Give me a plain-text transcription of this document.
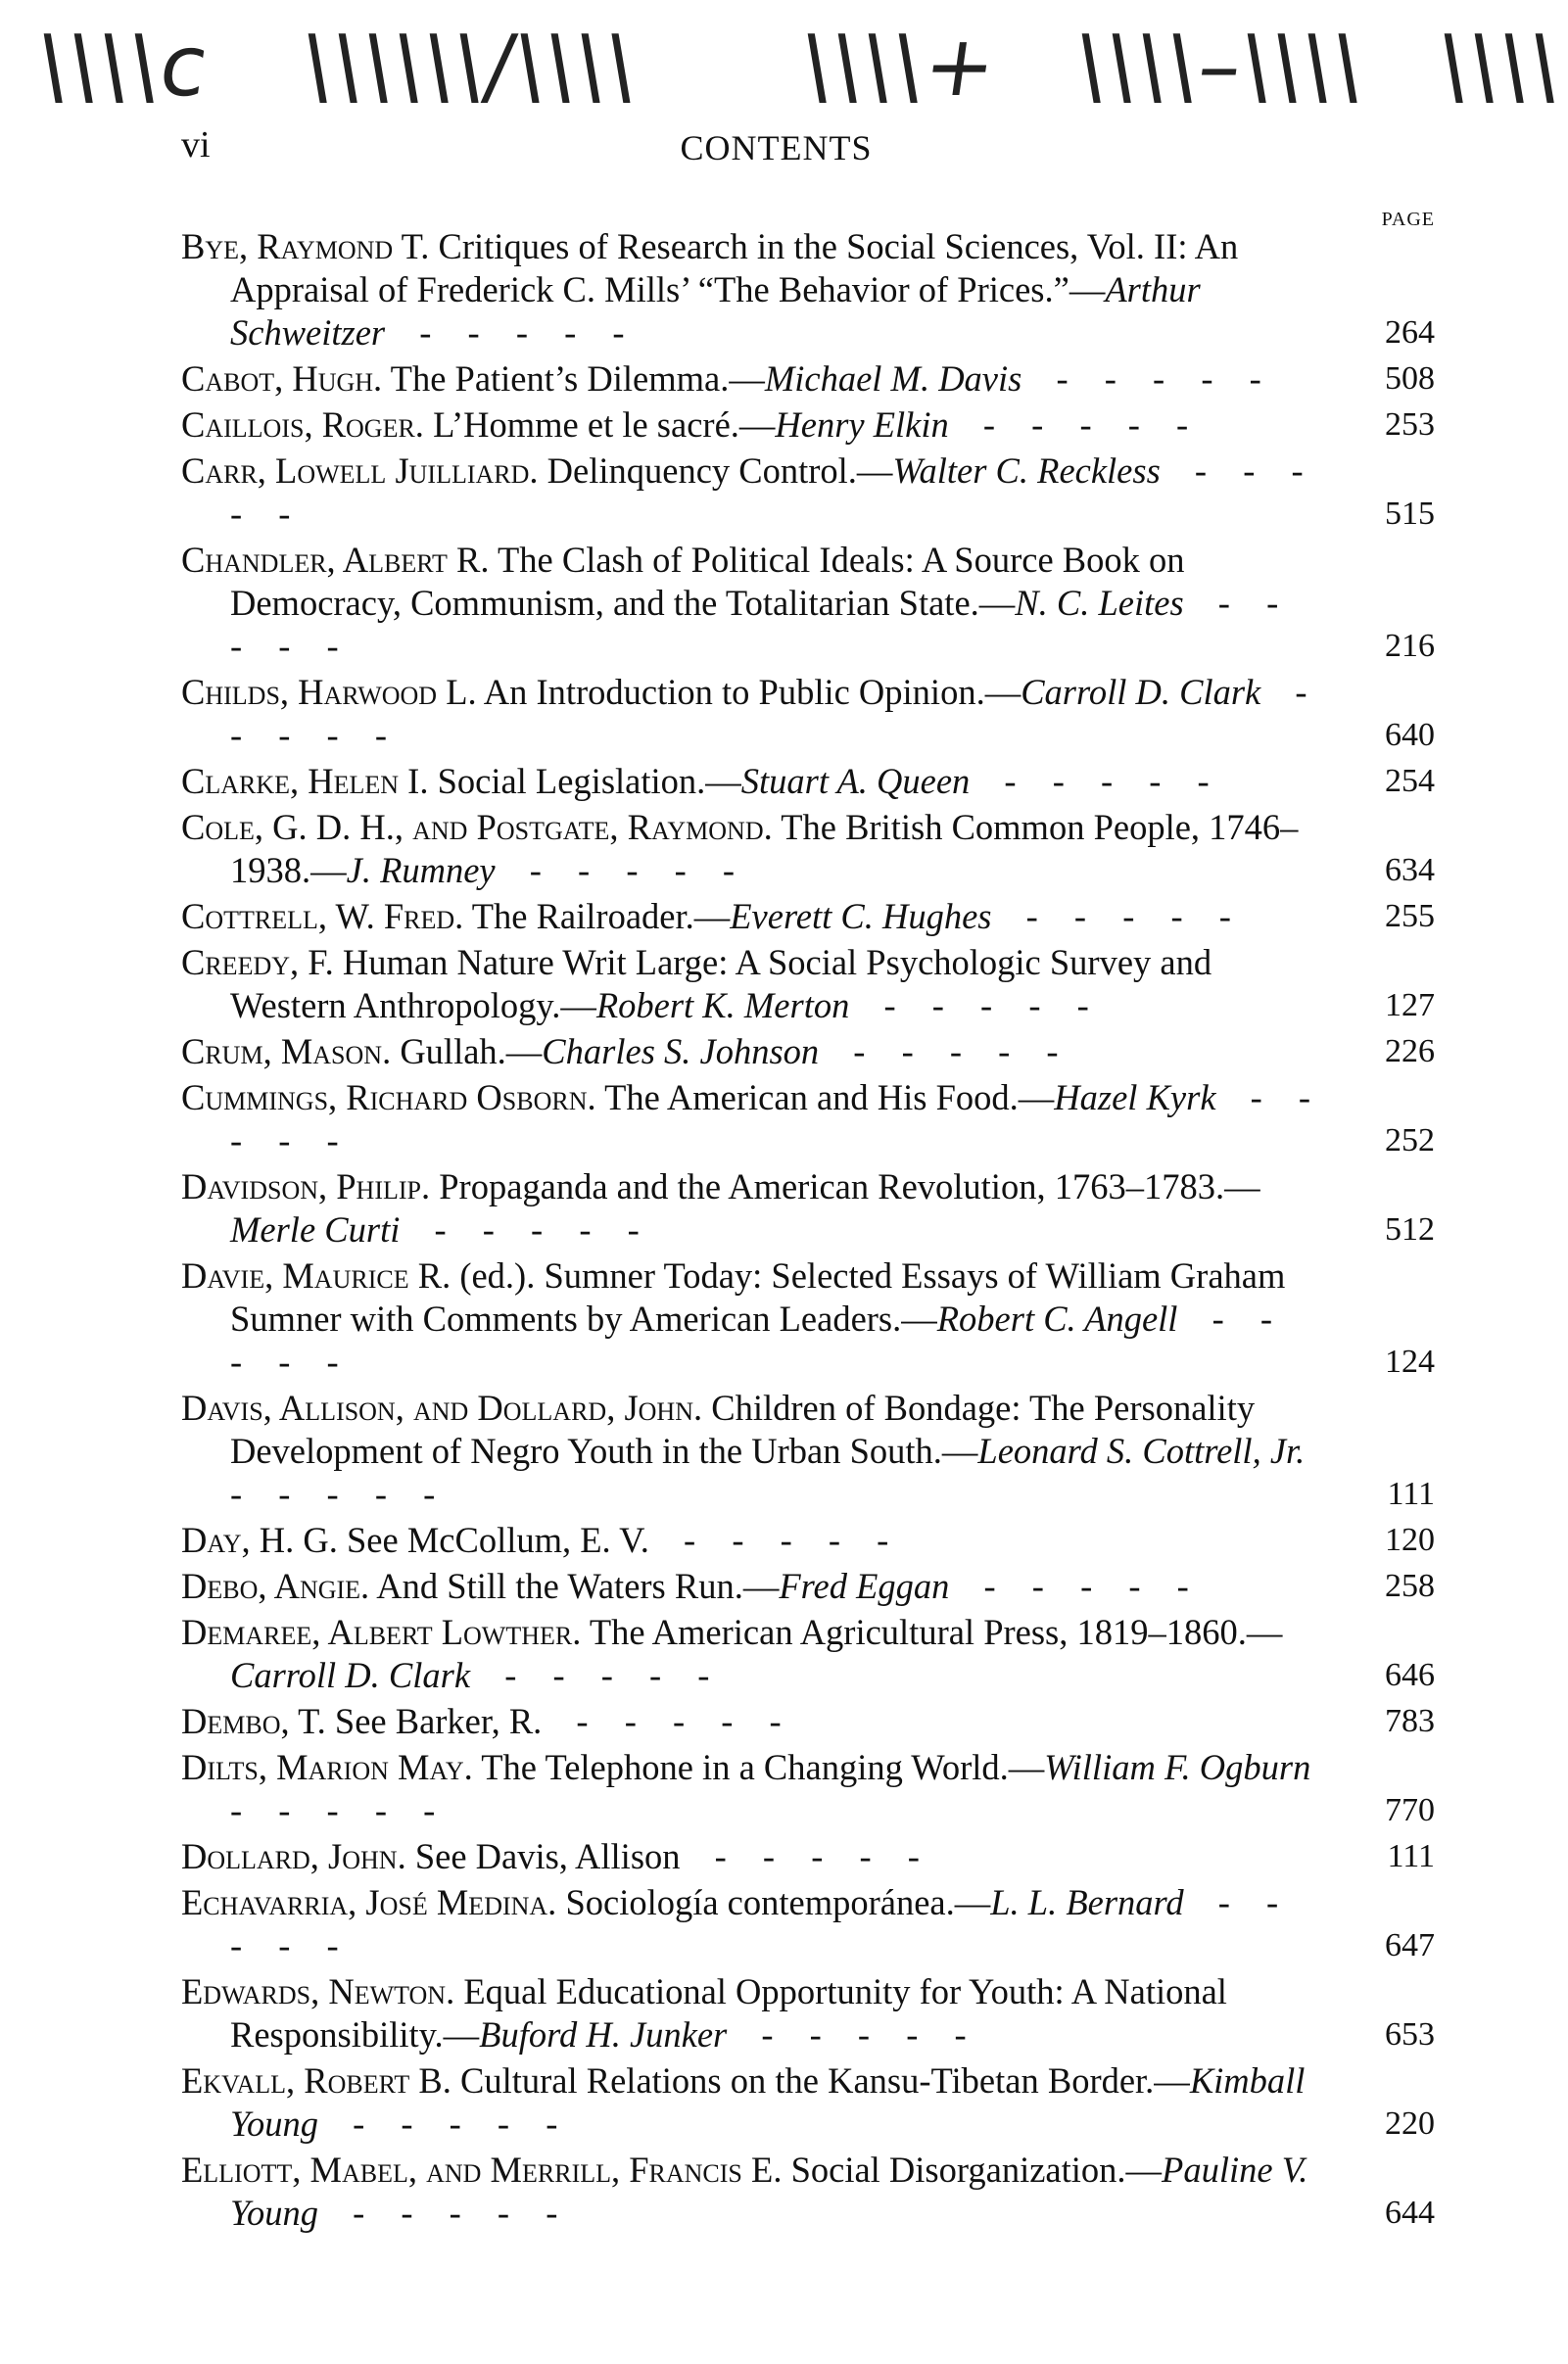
\\\\c \\\\\\/\\\\ \\\\+ \\\\–\\\\ \\\\
vi	CONTENTS
PAGE
Bye, Raymond T. Critiques of Research in the Social Sciences, Vol. II: An Appraisal of Frederick C. Mills’ “The Behavior of Prices.”—Arthur Schweitzer - - - - -	264
Cabot, Hugh. The Patient’s Dilemma.—Michael M. Davis - - - - -	508
Caillois, Roger. L’Homme et le sacré.—Henry Elkin - - - - -	253
Carr, Lowell Juilliard. Delinquency Control.—Walter C. Reckless - - - - -	515
Chandler, Albert R. The Clash of Political Ideals: A Source Book on Democracy, Communism, and the Totalitarian State.—N. C. Leites - - - - -	216
Childs, Harwood L. An Introduction to Public Opinion.—Carroll D. Clark - - - - -	640
Clarke, Helen I. Social Legislation.—Stuart A. Queen - - - - -	254
Cole, G. D. H., and Postgate, Raymond. The British Common People, 1746–1938.—J. Rumney - - - - -	634
Cottrell, W. Fred. The Railroader.—Everett C. Hughes - - - - -	255
Creedy, F. Human Nature Writ Large: A Social Psychologic Survey and Western Anthropology.—Robert K. Merton - - - - -	127
Crum, Mason. Gullah.—Charles S. Johnson - - - - -	226
Cummings, Richard Osborn. The American and His Food.—Hazel Kyrk - - - - -	252
Davidson, Philip. Propaganda and the American Revolution, 1763–1783.—Merle Curti - - - - -	512
Davie, Maurice R. (ed.). Sumner Today: Selected Essays of William Graham Sumner with Comments by American Leaders.—Robert C. Angell - - - - -	124
Davis, Allison, and Dollard, John. Children of Bondage: The Personality Development of Negro Youth in the Urban South.—Leonard S. Cottrell, Jr. - - - - -	111
Day, H. G. See McCollum, E. V. - - - - -	120
Debo, Angie. And Still the Waters Run.—Fred Eggan - - - - -	258
Demaree, Albert Lowther. The American Agricultural Press, 1819–1860.—Carroll D. Clark - - - - -	646
Dembo, T. See Barker, R. - - - - -	783
Dilts, Marion May. The Telephone in a Changing World.—William F. Ogburn - - - - -	770
Dollard, John. See Davis, Allison - - - - -	111
Echavarria, José Medina. Sociología contemporánea.—L. L. Bernard - - - - -	647
Edwards, Newton. Equal Educational Opportunity for Youth: A National Responsibility.—Buford H. Junker - - - - -	653
Ekvall, Robert B. Cultural Relations on the Kansu-Tibetan Border.—Kimball Young - - - - -	220
Elliott, Mabel, and Merrill, Francis E. Social Disorganization.—Pauline V. Young - - - - -	644
